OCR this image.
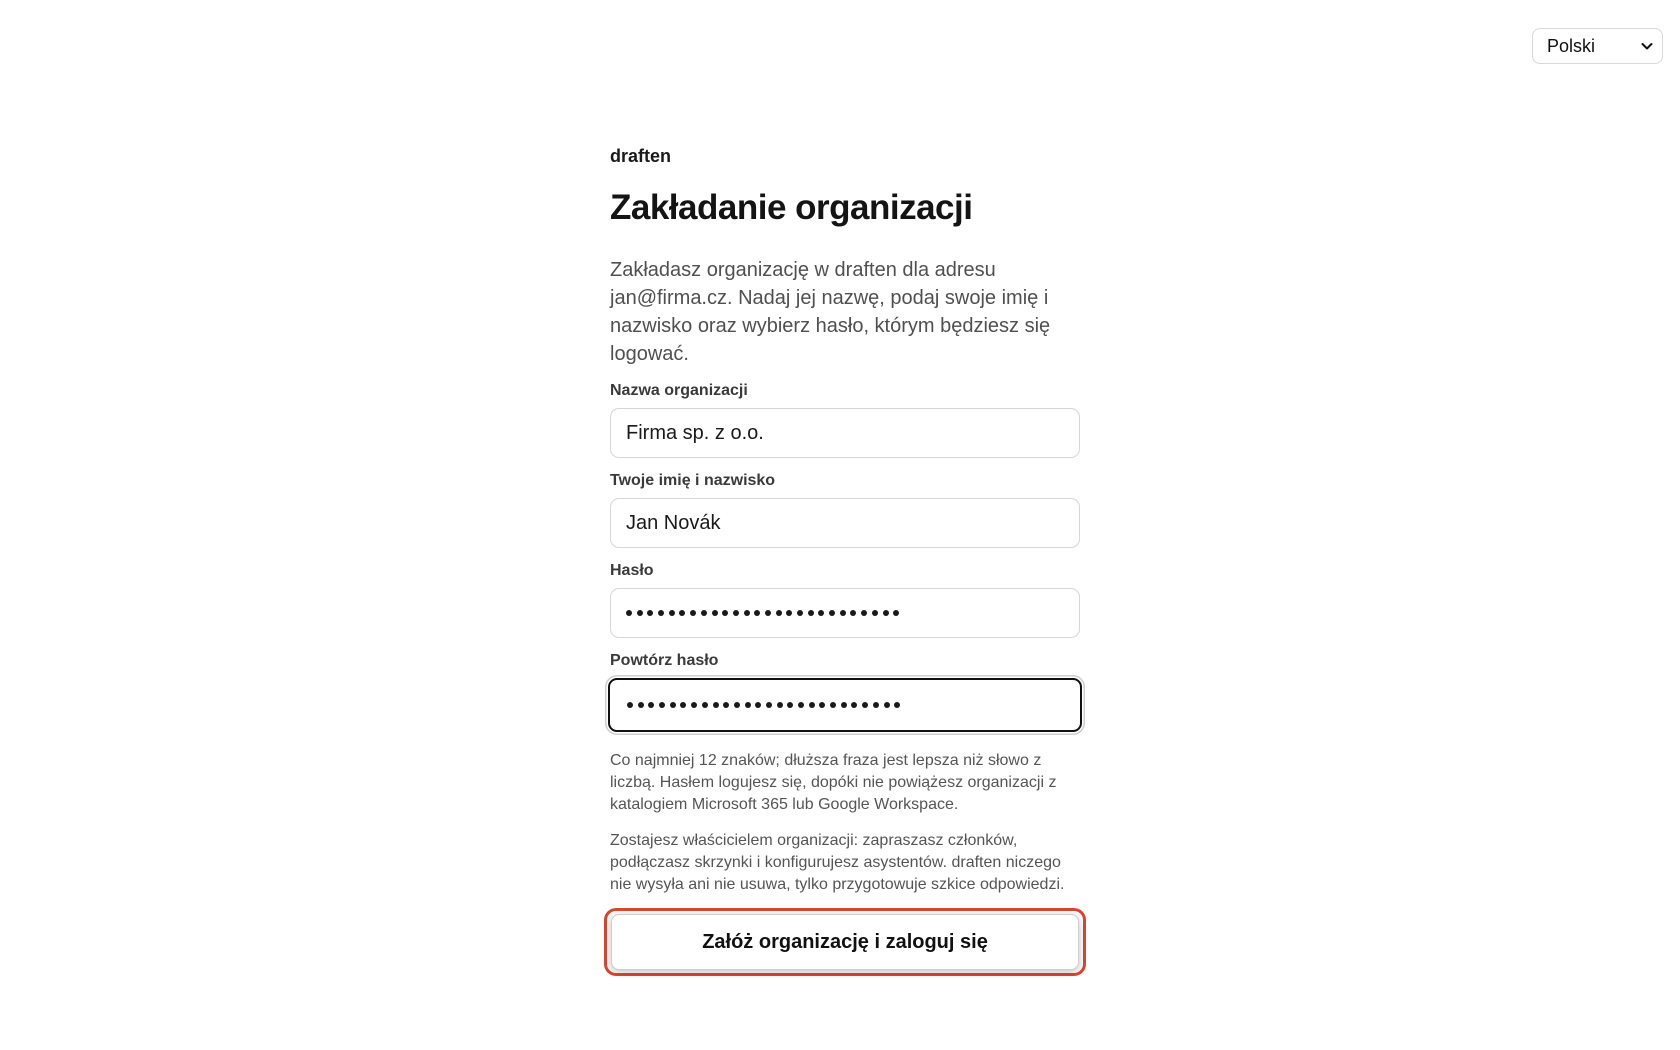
Polski
draften
Zakładanie organizacji

Zakładasz organizację w draften dla adresu jan@firma.cz. Nadaj jej nazwę, podaj swoje imię i nazwisko oraz wybierz hasło, którym będziesz się logować.

Nazwa organizacji
Firma sp. z o.o.
Twoje imię i nazwisko
Jan Novák
Hasło
Powtórz hasło

Co najmniej 12 znaków; dłuższa fraza jest lepsza niż słowo z liczbą. Hasłem logujesz się, dopóki nie powiążesz organizacji z katalogiem Microsoft 365 lub Google Workspace.

Zostajesz właścicielem organizacji: zapraszasz członków, podłączasz skrzynki i konfigurujesz asystentów. draften niczego nie wysyła ani nie usuwa, tylko przygotowuje szkice odpowiedzi.

Załóż organizację i zaloguj się
